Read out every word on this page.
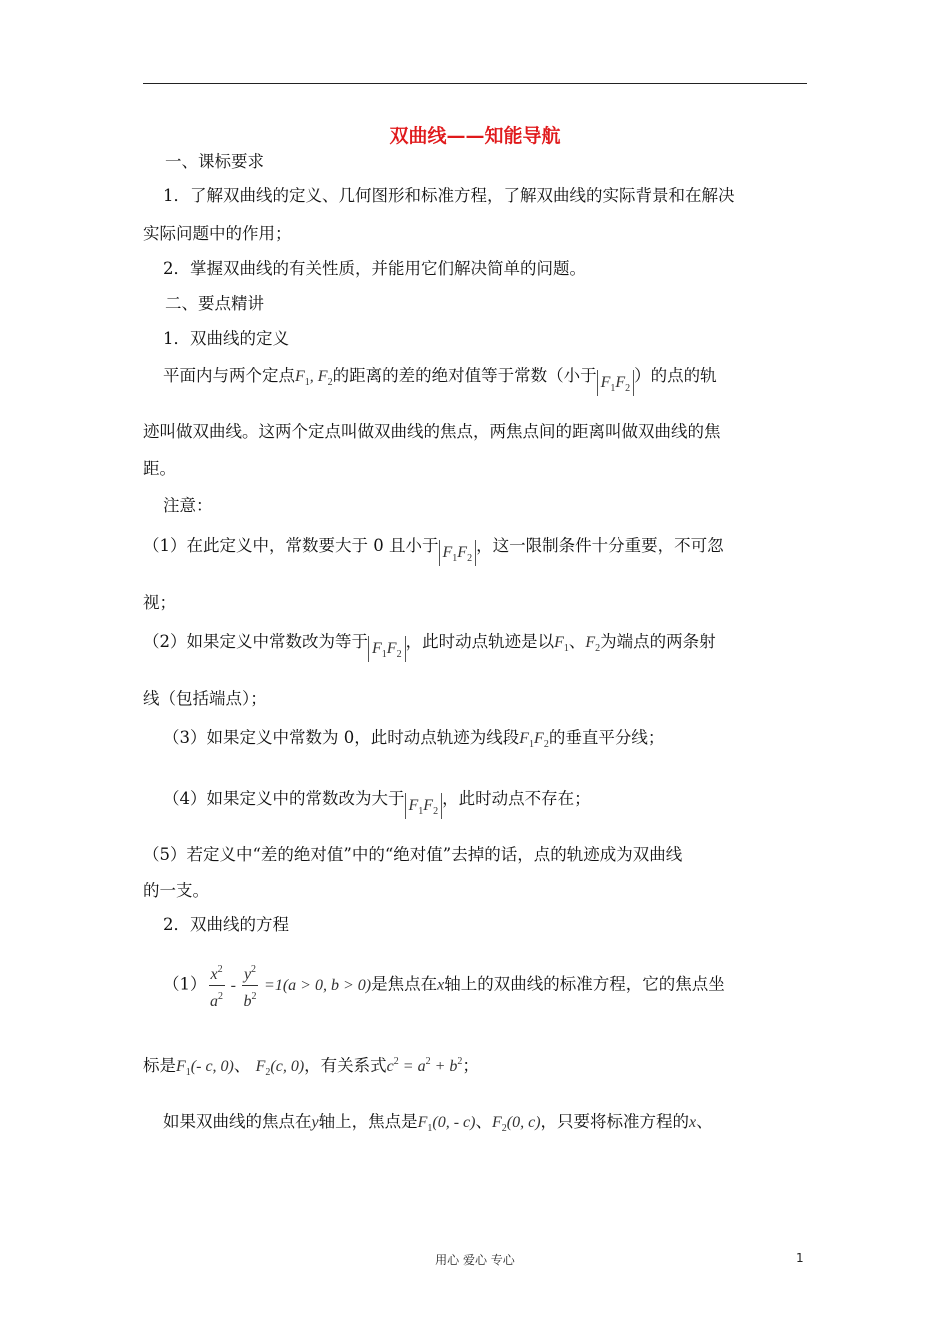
双曲线——知能导航
一、课标要求
1．了解双曲线的定义、几何图形和标准方程，了解双曲线的实际背景和在解决
实际问题中的作用；
2．掌握双曲线的有关性质，并能用它们解决简单的问题。
二、要点精讲
1．双曲线的定义
平面内与两个定点$F_1$, $F_2$的距离的差的绝对值等于常数（小于 $F_1F_2$）的点的轨
迹叫做双曲线。这两个定点叫做双曲线的焦点，两焦点间的距离叫做双曲线的焦
距。
注意：
（1）在此定义中，常数要大于 0 且小于 $F_1F_2$，这一限制条件十分重要，不可忽
视；
（2）如果定义中常数改为等于 $F_1F_2$，此时动点轨迹是以$F_1$、$F_2$为端点的两条射
线（包括端点）；
（3）如果定义中常数为 0，此时动点轨迹为线段$F_1F_2$的垂直平分线；
（4）如果定义中的常数改为大于 $F_1F_2$，此时动点不存在；
（5）若定义中“差的绝对值”中的“绝对值”去掉的话，点的轨迹成为双曲线
的一支。
2．双曲线的方程
$(1) \frac{x^2}{a^2} - \frac{y^2}{b^2} =1(a > 0$, b > 0)是焦点在x轴上的双曲线的标准方程，它的焦点坐
标是$F_1(-$ c, 0)、 $F_2(c$, 0)，有关系式$c^2 = a^2 + b^2$；
如果双曲线的焦点在y轴上，焦点是$F_1(0$, - c)、$F_2(0$, c)，只要将标准方程的x、
用心 爱心 专心	1
